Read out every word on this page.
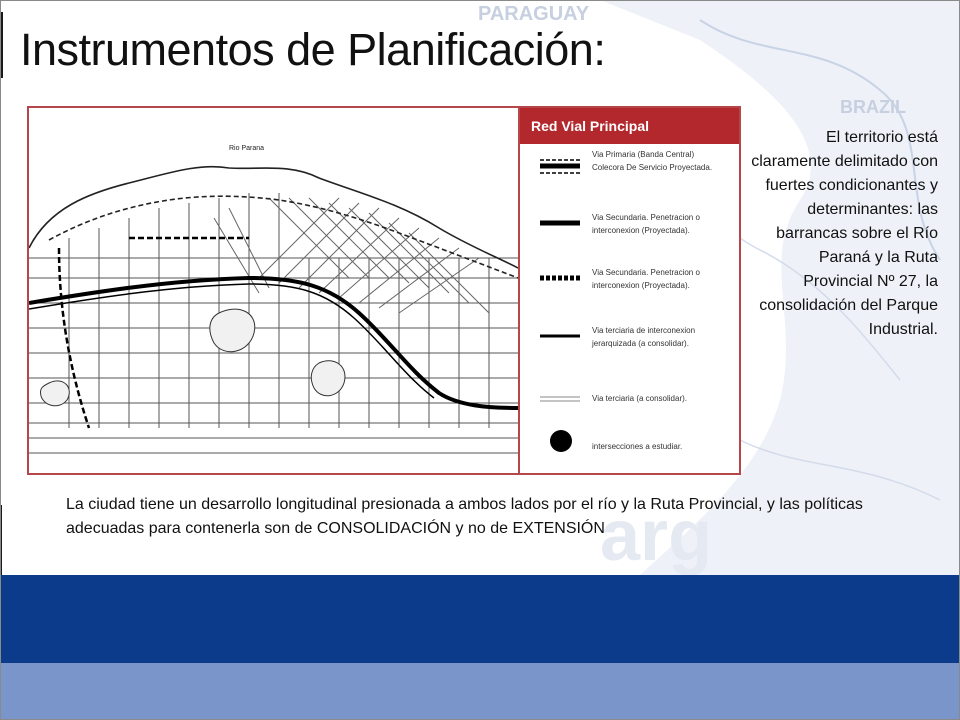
PARAGUAY
BRAZIL
arg
Instrumentos de Planificación:
Rio Parana
Red Vial Principal
Via Primaria (Banda Central)
Colecora De Servicio Proyectada.
Via Secundaria. Penetracion o
interconexion (Proyectada).
Via Secundaria. Penetracion o
interconexion (Proyectada).
Via terciaria de interconexion
jerarquizada (a consolidar).
Via terciaria (a consolidar).
intersecciones a estudiar.
El territorio está claramente delimitado con fuertes condicionantes y determinantes: las barrancas sobre el Río Paraná y la Ruta Provincial Nº 27, la consolidación del Parque Industrial.
La ciudad tiene un desarrollo longitudinal presionada a ambos lados por el río y la Ruta Provincial, y las políticas adecuadas para contenerla son de CONSOLIDACIÓN y no de EXTENSIÓN
